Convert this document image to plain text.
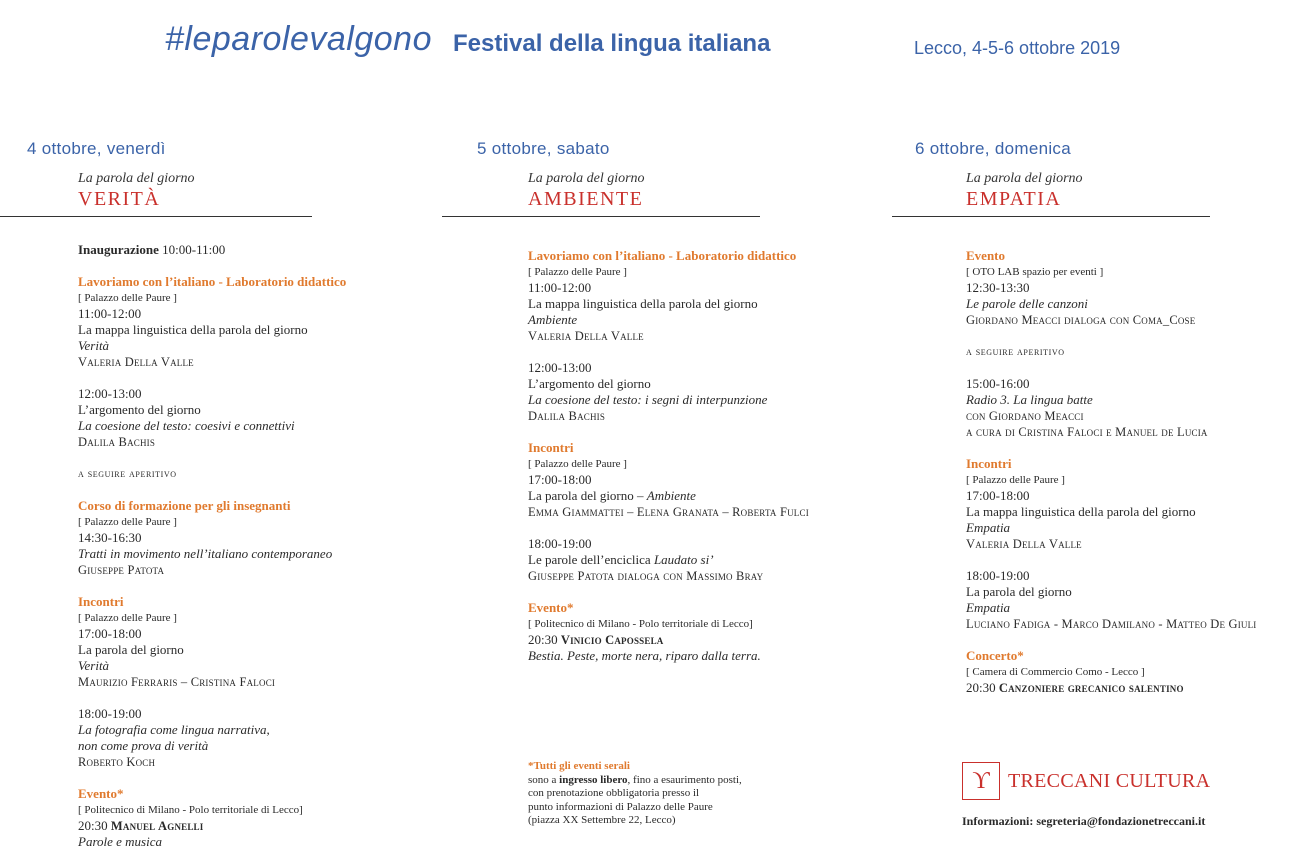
#leparolevalgono Festival della lingua italiana	Lecco, 4-5-6 ottobre 2019
4 ottobre, venerdì
La parola del giorno
VERITÀ
5 ottobre, sabato
La parola del giorno
AMBIENTE
6 ottobre, domenica
La parola del giorno
EMPATIA
Inaugurazione 10:00-11:00
Lavoriamo con l’italiano - Laboratorio didattico
[ Palazzo delle Paure ]
11:00-12:00
La mappa linguistica della parola del giorno
Verità
Valeria Della Valle
12:00-13:00
L’argomento del giorno
La coesione del testo: coesivi e connettivi
Dalila Bachis
a seguire aperitivo
Corso di formazione per gli insegnanti
[ Palazzo delle Paure ]
14:30-16:30
Tratti in movimento nell’italiano contemporaneo
Giuseppe Patota
Incontri
[ Palazzo delle Paure ]
17:00-18:00
La parola del giorno
Verità
Maurizio Ferraris – Cristina Faloci
18:00-19:00
La fotografia come lingua narrativa,
non come prova di verità
Roberto Koch
Evento*
[ Politecnico di Milano - Polo territoriale di Lecco]
20:30 Manuel Agnelli
Parole e musica
Lavoriamo con l’italiano - Laboratorio didattico
[ Palazzo delle Paure ]
11:00-12:00
La mappa linguistica della parola del giorno
Ambiente
Valeria Della Valle
12:00-13:00
L’argomento del giorno
La coesione del testo: i segni di interpunzione
Dalila Bachis
Incontri
[ Palazzo delle Paure ]
17:00-18:00
La parola del giorno – Ambiente
Emma Giammattei – Elena Granata – Roberta Fulci
18:00-19:00
Le parole dell’enciclica Laudato si’
Giuseppe Patota dialoga con Massimo Bray
Evento*
[ Politecnico di Milano - Polo territoriale di Lecco]
20:30 Vinicio Capossela
Bestia. Peste, morte nera, riparo dalla terra.
Evento
[ OTO LAB spazio per eventi ]
12:30-13:30
Le parole delle canzoni
Giordano Meacci dialoga con Coma_Cose
a seguire aperitivo
15:00-16:00
Radio 3. La lingua batte
con Giordano Meacci
a cura di Cristina Faloci e Manuel de Lucia
Incontri
[ Palazzo delle Paure ]
17:00-18:00
La mappa linguistica della parola del giorno
Empatia
Valeria Della Valle
18:00-19:00
La parola del giorno
Empatia
Luciano Fadiga - Marco Damilano - Matteo De Giuli
Concerto*
[ Camera di Commercio Como - Lecco ]
20:30 Canzoniere grecanico salentino
*Tutti gli eventi serali
sono a ingresso libero, fino a esaurimento posti,
con prenotazione obbligatoria presso il
punto informazioni di Palazzo delle Paure
(piazza XX Settembre 22, Lecco)
ϒ TRECCANI CULTURA
Informazioni: segreteria@fondazionetreccani.it
